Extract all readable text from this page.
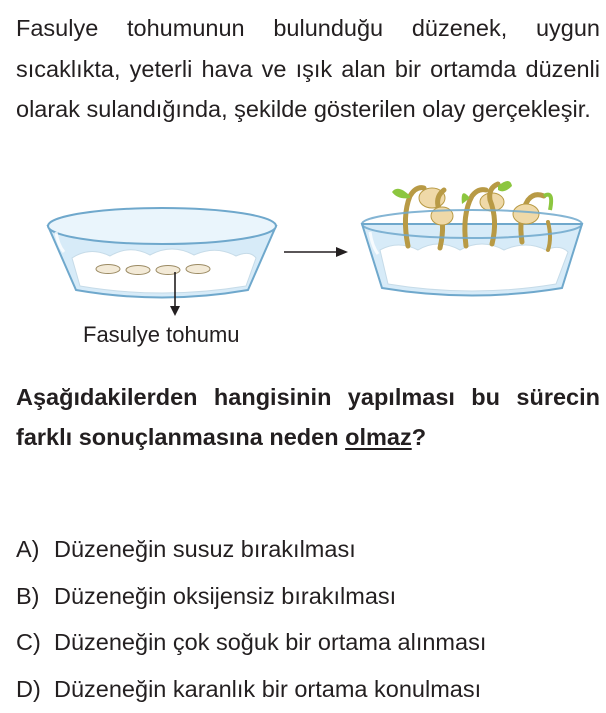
Fasulye tohumunun bulunduğu düzenek, uygun sıcaklıkta, yeterli hava ve ışık alan bir ortamda düzenli olarak sulandığında, şekilde gösterilen olay gerçekleşir.

Fasulye tohumu

Aşağıdakilerden hangisinin yapılması bu sürecin farklı sonuçlanmasına neden olmaz?

A) Düzeneğin susuz bırakılması
B) Düzeneğin oksijensiz bırakılması
C) Düzeneğin çok soğuk bir ortama alınması
D) Düzeneğin karanlık bir ortama konulması
